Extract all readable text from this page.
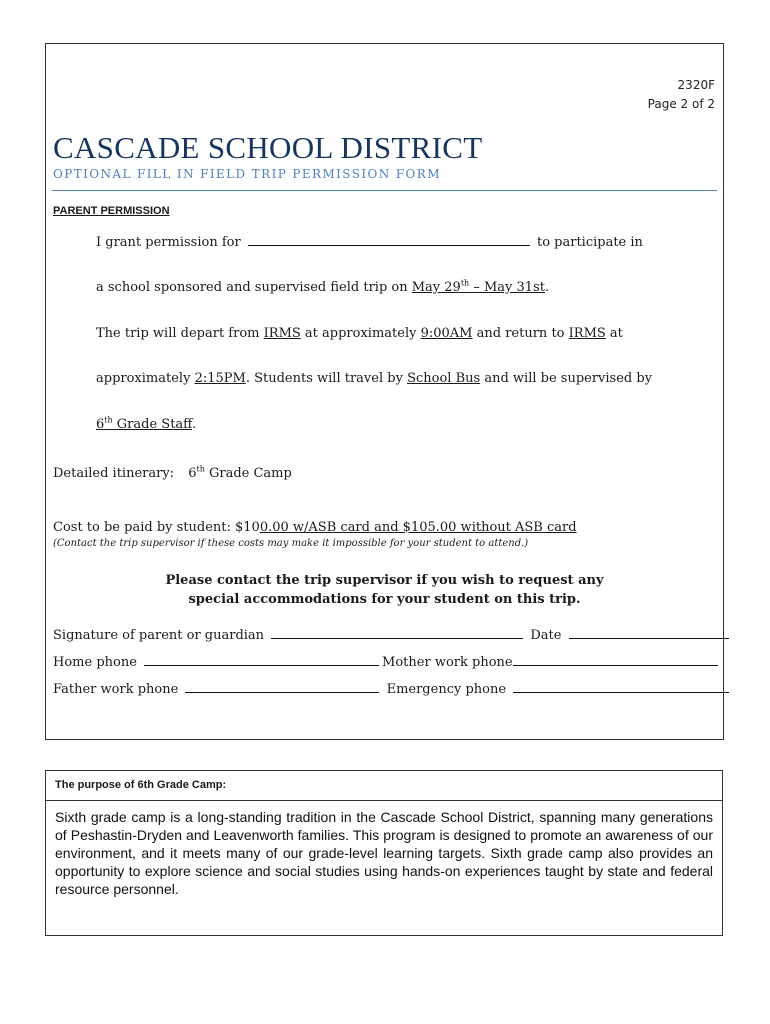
2320F
Page 2 of 2
CASCADE SCHOOL DISTRICT
OPTIONAL FILL IN FIELD TRIP PERMISSION FORM
PARENT PERMISSION
I grant permission for	to participate in
a school sponsored and supervised field trip on May 29th – May 31st.
The trip will depart from IRMS at approximately 9:00AM and return to IRMS at
approximately 2:15PM. Students will travel by School Bus and will be supervised by
6th Grade Staff.
Detailed itinerary: 6th Grade Camp
Cost to be paid by student: $100.00 w/ASB card and $105.00 without ASB card
(Contact the trip supervisor if these costs may make it impossible for your student to attend.)
Please contact the trip supervisor if you wish to request any
special accommodations for your student on this trip.
Signature of parent or guardian	Date
Home phone	Mother work phone
Father work phone	Emergency phone
The purpose of 6th Grade Camp:

Sixth grade camp is a long-standing tradition in the Cascade School District, spanning many generations of Peshastin-Dryden and Leavenworth families. This program is designed to promote an awareness of our environment, and it meets many of our grade-level learning targets. Sixth grade camp also provides an opportunity to explore science and social studies using hands-on experiences taught by state and federal resource personnel.
